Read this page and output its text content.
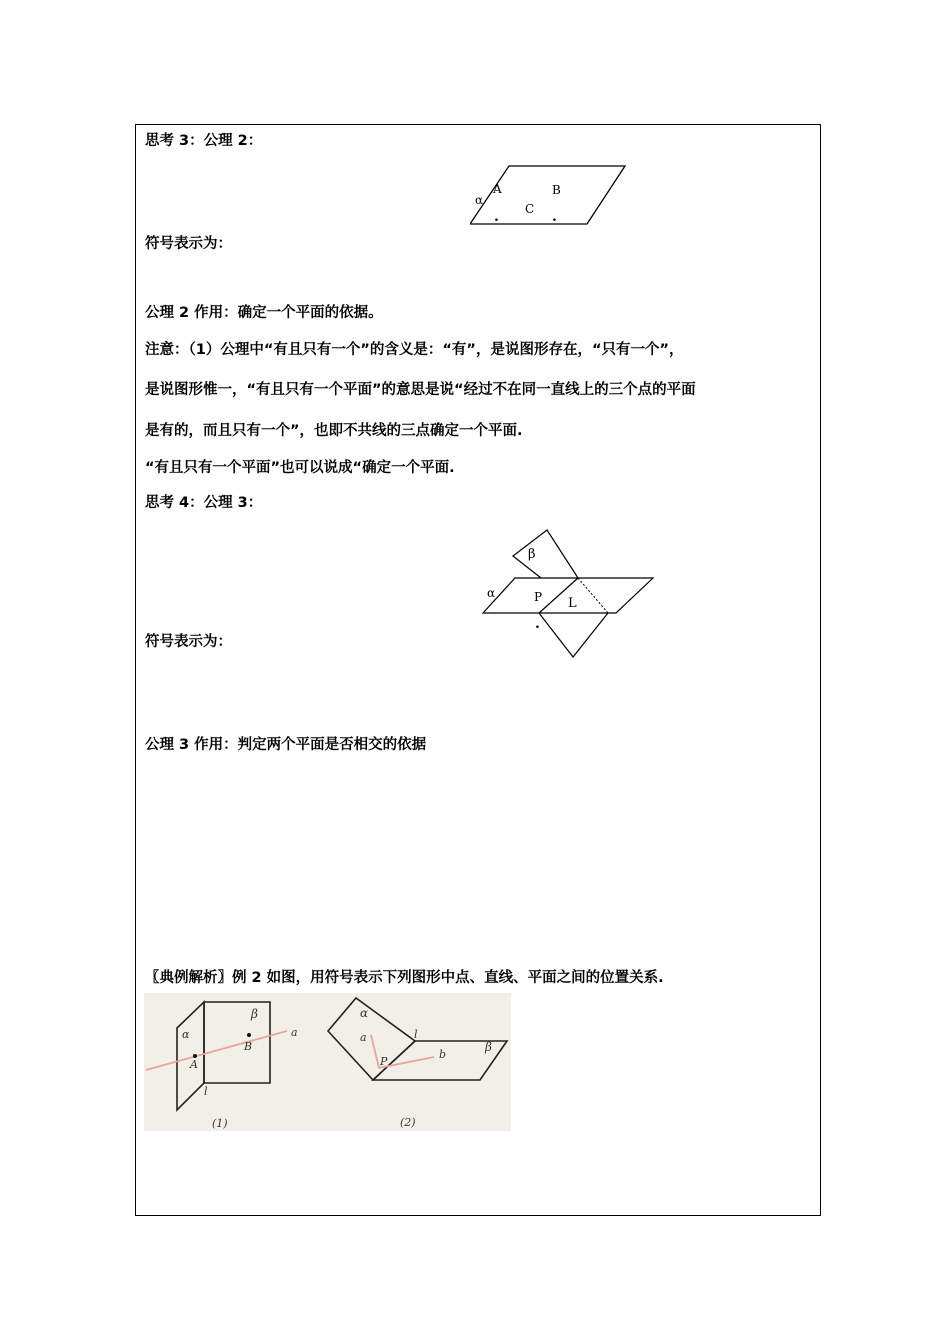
思考 3：公理 2：
α
A	B
C
.	.
符号表示为：
公理 2 作用：确定一个平面的依据。
注意：（1）公理中“有且只有一个”的含义是：“有”，是说图形存在，“只有一个”，
是说图形惟一，“有且只有一个平面”的意思是说“经过不在同一直线上的三个点的平面
是有的，而且只有一个”，也即不共线的三点确定一个平面.
“有且只有一个平面”也可以说成“确定一个平面.
思考 4：公理 3：
β
α	P L
.
符号表示为：
公理 3 作用：判定两个平面是否相交的依据
〖典例解析〗例 2 如图，用符号表示下列图形中点、直线、平面之间的位置关系.
α
β
a
A
B
l
(1)
α
a	l
P
b
β
(2)
